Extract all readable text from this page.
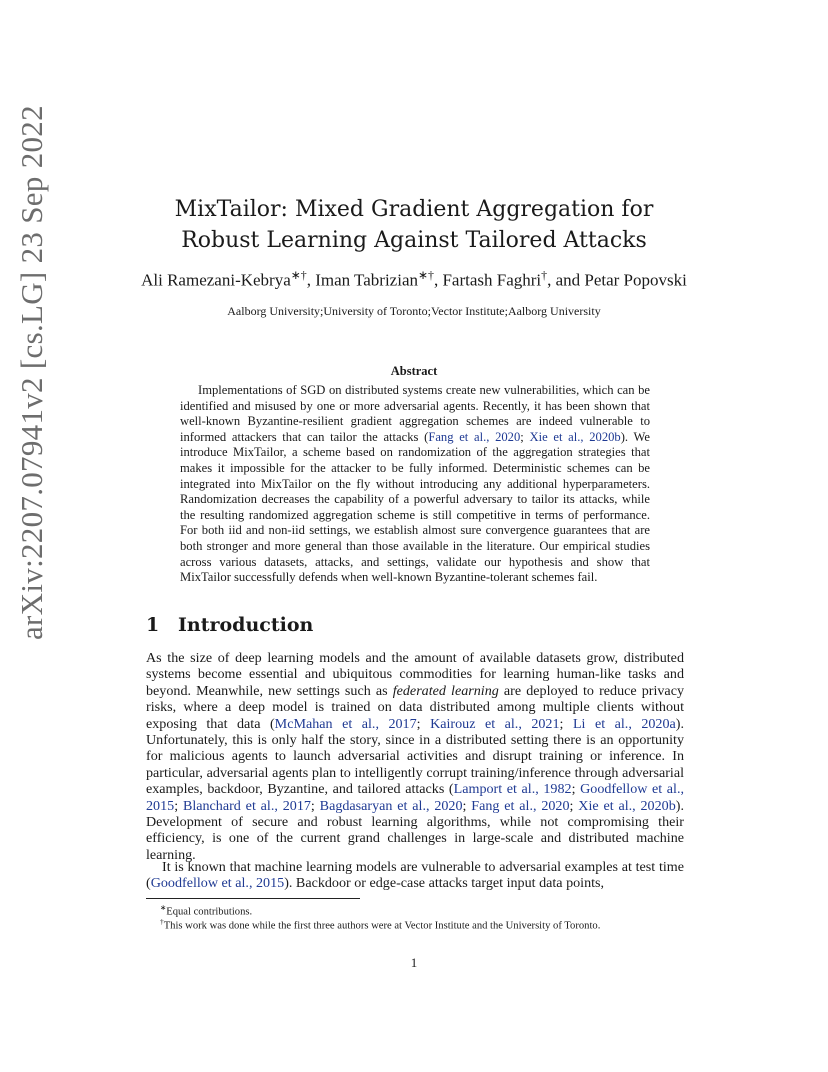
arXiv:2207.07941v2 [cs.LG] 23 Sep 2022	MixTailor: Mixed Gradient Aggregation for
Robust Learning Against Tailored Attacks
Ali Ramezani-Kebrya∗†, Iman Tabrizian∗†, Fartash Faghri†, and Petar Popovski
Aalborg University;University of Toronto;Vector Institute;Aalborg University
Abstract

Implementations of SGD on distributed systems create new vulnerabilities, which can be identified and misused by one or more adversarial agents. Recently, it has been shown that well-known Byzantine-resilient gradient aggregation schemes are indeed vulnerable to informed attackers that can tailor the attacks (Fang et al., 2020; Xie et al., 2020b). We introduce MixTailor, a scheme based on randomization of the aggregation strategies that makes it impossible for the attacker to be fully informed. Deterministic schemes can be integrated into MixTailor on the fly without introducing any additional hyperparameters. Randomization decreases the capability of a powerful adversary to tailor its attacks, while the resulting randomized aggregation scheme is still competitive in terms of performance. For both iid and non-iid settings, we establish almost sure convergence guarantees that are both stronger and more general than those available in the literature. Our empirical studies across various datasets, attacks, and settings, validate our hypothesis and show that MixTailor successfully defends when well-known Byzantine-tolerant schemes fail.

1 Introduction

As the size of deep learning models and the amount of available datasets grow, distributed systems become essential and ubiquitous commodities for learning human-like tasks and beyond. Meanwhile, new settings such as federated learning are deployed to reduce privacy risks, where a deep model is trained on data distributed among multiple clients without exposing that data (McMahan et al., 2017; Kairouz et al., 2021; Li et al., 2020a). Unfortunately, this is only half the story, since in a distributed setting there is an opportunity for malicious agents to launch adversarial activities and disrupt training or inference. In particular, adversarial agents plan to intelligently corrupt training/inference through adversarial examples, backdoor, Byzantine, and tailored attacks (Lamport et al., 1982; Goodfellow et al., 2015; Blanchard et al., 2017; Bagdasaryan et al., 2020; Fang et al., 2020; Xie et al., 2020b). Development of secure and robust learning algorithms, while not compromising their efficiency, is one of the current grand challenges in large-scale and distributed machine learning.

It is known that machine learning models are vulnerable to adversarial examples at test time (Goodfellow et al., 2015). Backdoor or edge-case attacks target input data points,

∗Equal contributions.
†This work was done while the first three authors were at Vector Institute and the University of Toronto.
1
